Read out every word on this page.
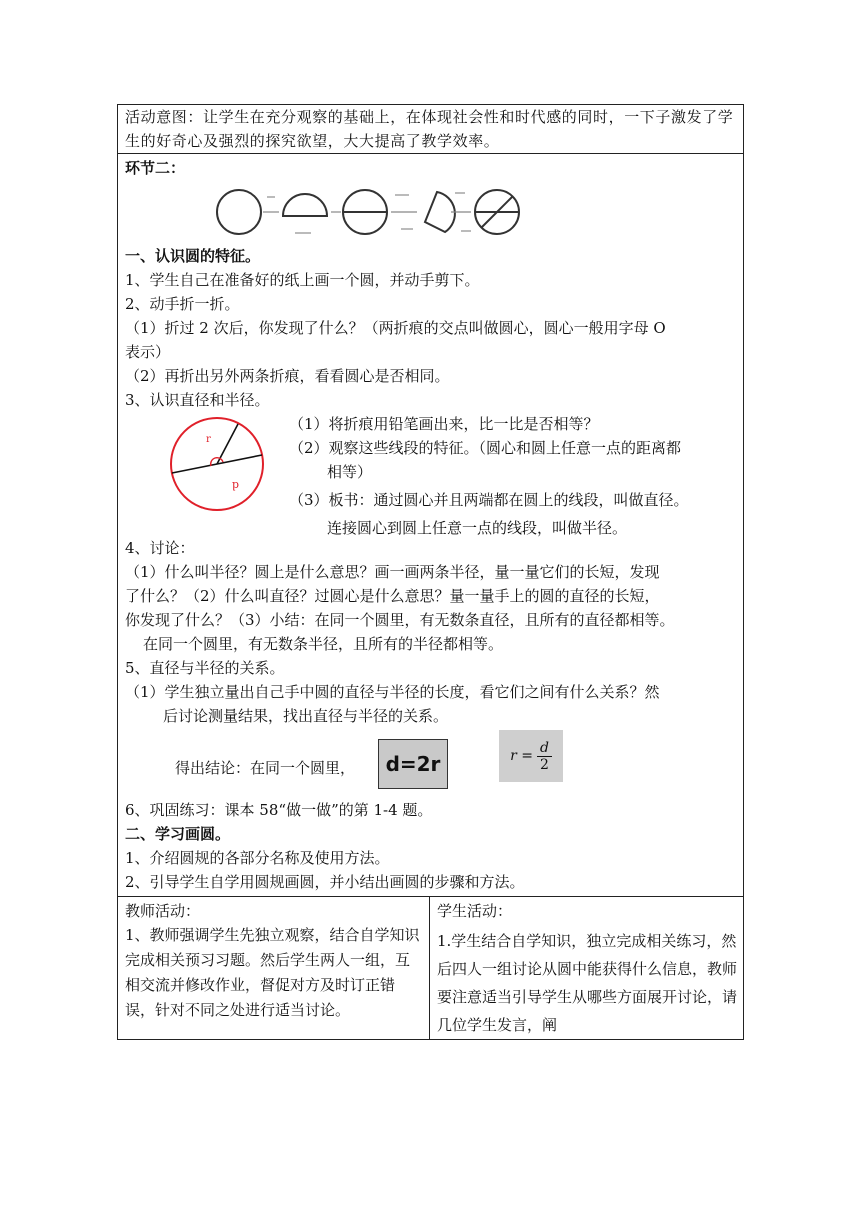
活动意图：让学生在充分观察的基础上，在体现社会性和时代感的同时，一下子激发了学生的好奇心及强烈的探究欲望，大大提高了教学效率。

环节二：

一、认识圆的特征。

1、学生自己在准备好的纸上画一个圆，并动手剪下。

2、动手折一折。

（1）折过 2 次后，你发现了什么？（两折痕的交点叫做圆心，圆心一般用字母 O

表示）

（2）再折出另外两条折痕，看看圆心是否相同。

3、认识直径和半径。

r
d

（1）将折痕用铅笔画出来，比一比是否相等？

（2）观察这些线段的特征。（圆心和圆上任意一点的距离都

相等）

（3）板书：通过圆心并且两端都在圆上的线段，叫做直径。

连接圆心到圆上任意一点的线段，叫做半径。

4、讨论：

（1）什么叫半径？圆上是什么意思？画一画两条半径，量一量它们的长短，发现

了什么？（2）什么叫直径？过圆心是什么意思？量一量手上的圆的直径的长短，

你发现了什么？（3）小结：在同一个圆里，有无数条直径，且所有的直径都相等。

在同一个圆里，有无数条半径，且所有的半径都相等。

5、直径与半径的关系。

（1）学生独立量出自己手中圆的直径与半径的长度，看它们之间有什么关系？然

后讨论测量结果，找出直径与半径的关系。

得出结论：在同一个圆里，	d=2r	$r = \frac{d}{2}$

6、巩固练习：课本 58“做一做”的第 1-4 题。

二、学习画圆。

1、介绍圆规的各部分名称及使用方法。

2、引导学生自学用圆规画圆，并小结出画圆的步骤和方法。

教师活动：

1、教师强调学生先独立观察，结合自学知识完成相关预习习题。然后学生两人一组，互相交流并修改作业，督促对方及时订正错误，针对不同之处进行适当讨论。

学生活动：

1.学生结合自学知识，独立完成相关练习，然后四人一组讨论从圆中能获得什么信息，教师要注意适当引导学生从哪些方面展开讨论，请几位学生发言，阐
